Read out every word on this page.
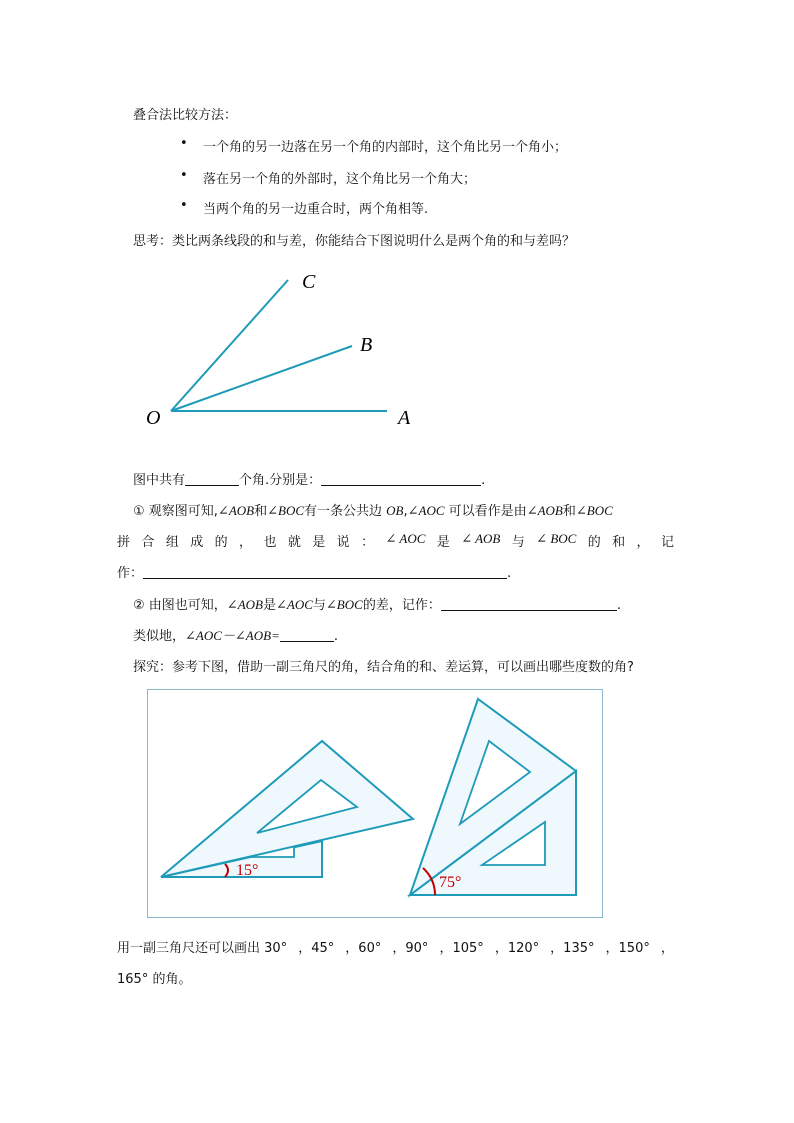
叠合法比较方法：
• 一个角的另一边落在另一个角的内部时，这个角比另一个角小；
• 落在另一个角的外部时，这个角比另一个角大；
• 当两个角的另一边重合时，两个角相等.
思考：类比两条线段的和与差，你能结合下图说明什么是两个角的和与差吗？
C
B
O	A
图中共有	个角.分别是：	.
① 观察图可知,∠AOB和∠BOC有一条公共边 OB,∠AOC 可以看作是由∠AOB和∠BOC
拼 合 组 成 的 ， 也 就 是 说 ： ∠ AOC 是 ∠ AOB 与 ∠ BOC 的 和 ， 记
作：	.
② 由图也可知，∠AOB是∠AOC与∠BOC的差，记作：	.
类似地，∠AOC－∠AOB=	.
探究：参考下图，借助一副三角尺的角，结合角的和、差运算，可以画出哪些度数的角?
15°
75°
用一副三角尺还可以画出 30° ，45° ，60° ，90° ，105° ，120° ，135° ，150° ，
165° 的角。
